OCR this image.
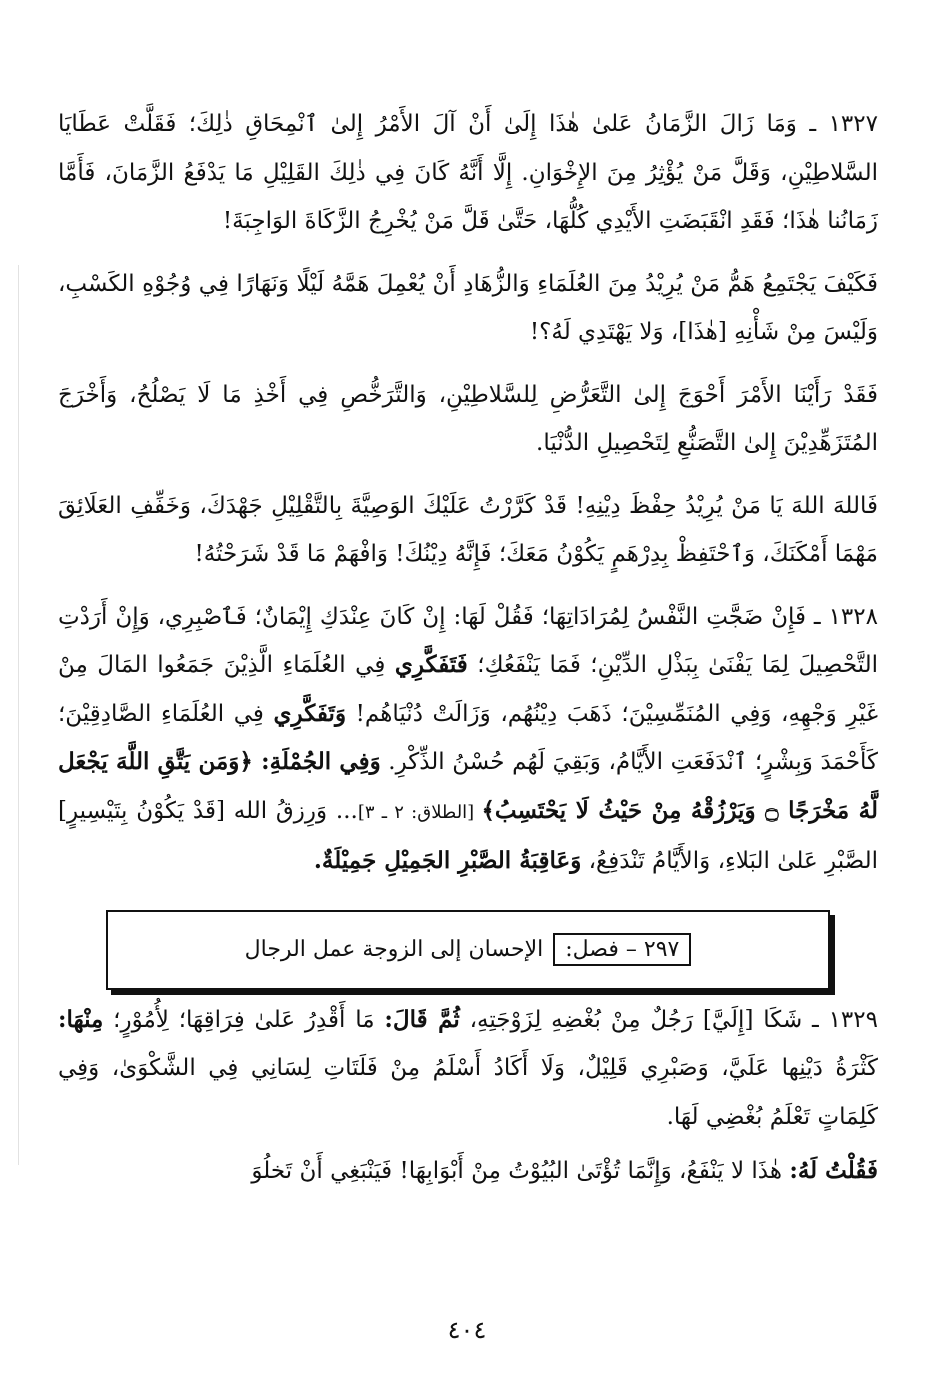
١٣٢٧ ـ وَمَا زَالَ الزَّمَانُ عَلىٰ هٰذَا إِلَىٰ أَنْ آلَ الأَمْرُ إِلىٰ ٱنْمِحَاقِ ذٰلِكَ؛ فَقَلَّتْ عَطَايَا السَّلاطِيْنِ، وَقَلَّ مَنْ يُؤْثِرُ مِنَ الإِخْوَانِ. إِلَّا أَنَّهُ كَانَ فِي ذٰلِكَ القَلِيْلِ مَا يَدْفَعُ الزَّمَانَ، فَأَمَّا زَمَانُنا هٰذَا؛ فَقَدِ انْقَبَضَتِ الأَيْدِي كُلُّهَا، حَتَّىٰ قَلَّ مَنْ يُخْرِجُ الزَّكَاةَ الوَاجِبَةَ!

فَكَيْفَ يَجْتَمِعُ هَمُّ مَنْ يُرِيْدُ مِنَ العُلَمَاءِ وَالزُّهَادِ أَنْ يُعْمِلَ هَمَّهُ لَيْلًا وَنَهَارًا فِي وُجُوْهِ الكَسْبِ، وَلَيْسَ مِنْ شَأْنِهِ [هٰذَا]، وَلا يَهْتَدِي لَهُ؟!

فَقَدْ رَأَيْنَا الأَمْرَ أَحْوَجَ إِلىٰ التَّعَرُّضِ لِلسَّلاطِيْنِ، وَالتَّرَخُّصِ فِي أَخْذِ مَا لَا يَصْلُحُ، وَأَخْرَجَ المُتَزَهِّدِيْنَ إِلىٰ التَّصَنُّعِ لِتَحْصِيلِ الدُّنْيَا.

فَاللهَ اللهَ يَا مَنْ يُرِيْدُ حِفْظَ دِيْنِهِ! قَدْ كَرَّرْتُ عَلَيْكَ الوَصِيَّةَ بِالتَّقْلِيْلِ جَهْدَكَ، وَخَفِّفِ العَلَائِقَ مَهْمَا أَمْكَنَكَ، وَٱحْتَفِظْ بِدِرْهَمٍ يَكُوْنُ مَعَكَ؛ فَإِنَّهُ دِيْنُكَ! وَافْهَمْ مَا قَدْ شَرَحْتُهُ!

١٣٢٨ ـ فَإِنْ ضَجَّتِ النَّفْسُ لِمُرَادَاتِهَا؛ فَقُلْ لَهَا: إِنْ كَانَ عِنْدَكِ إِيْمَانٌ؛ فَٱصْبِرِي، وَإِنْ أَرَدْتِ التَّحْصِيلَ لِمَا يَفْنَىٰ بِبَذْلِ الدِّيْنِ؛ فَمَا يَنْفَعُكِ؛ فَتَفَكَّرِي فِي العُلَمَاءِ الَّذِيْنَ جَمَعُوا المَالَ مِنْ غَيْرِ وَجْهِهِ، وَفِي المُنَمِّسِيْنَ؛ ذَهَبَ دِيْنُهُم، وَزَالَتْ دُنْيَاهُم! وَتَفَكَّرِي فِي العُلَمَاءِ الصَّادِقِيْنَ؛ كَأَحْمَدَ وَبِشْرٍ؛ ٱنْدَفَعَتِ الأَيَّامُ، وَبَقِيَ لَهُم حُسْنُ الذِّكْرِ. وَفِي الجُمْلَةِ: ﴿وَمَن يَتَّقِ اللَّهَ يَجْعَل لَّهُ مَخْرَجًا ۝ وَيَرْزُقْهُ مِنْ حَيْثُ لَا يَحْتَسِبُ﴾ [الطلاق: ٢ ـ ٣]... وَرِزقُ الله [قَدْ يَكُوْنُ بِتَيْسِيرٍ] الصَّبْرِ عَلىٰ البَلاءِ، وَالأَيَّامُ تَنْدَفِعُ، وَعَاقِبَةُ الصَّبْرِ الجَمِيْلِ جَمِيْلَةٌ.

٢٩٧ – فصل:
الإحسان إلى الزوجة عمل الرجال

١٣٢٩ ـ شَكَا [إِلَيَّ] رَجُلٌ مِنْ بُغْضِهِ لِزَوْجَتِهِ، ثُمَّ قَالَ: مَا أَقْدِرُ عَلىٰ فِرَاقِهَا؛ لِأُمُوْرٍ؛ مِنْهَا: كَثْرَةُ دَيْنِها عَلَيَّ، وَصَبْرِي قَلِيْلٌ، وَلَا أَكَادُ أَسْلَمُ مِنْ فَلَتَاتِ لِسَانِي فِي الشَّكْوَىٰ، وَفِي كَلِمَاتٍ تَعْلَمُ بُغْضِي لَهَا.

فَقُلْتُ لَهُ: هٰذَا لا يَنْفَعُ، وَإِنَّمَا تُؤْتَىٰ البُيُوْتُ مِنْ أَبْوَابِهَا! فَيَنْبَغِي أَنْ تَخلُوَ

٤٠٤
